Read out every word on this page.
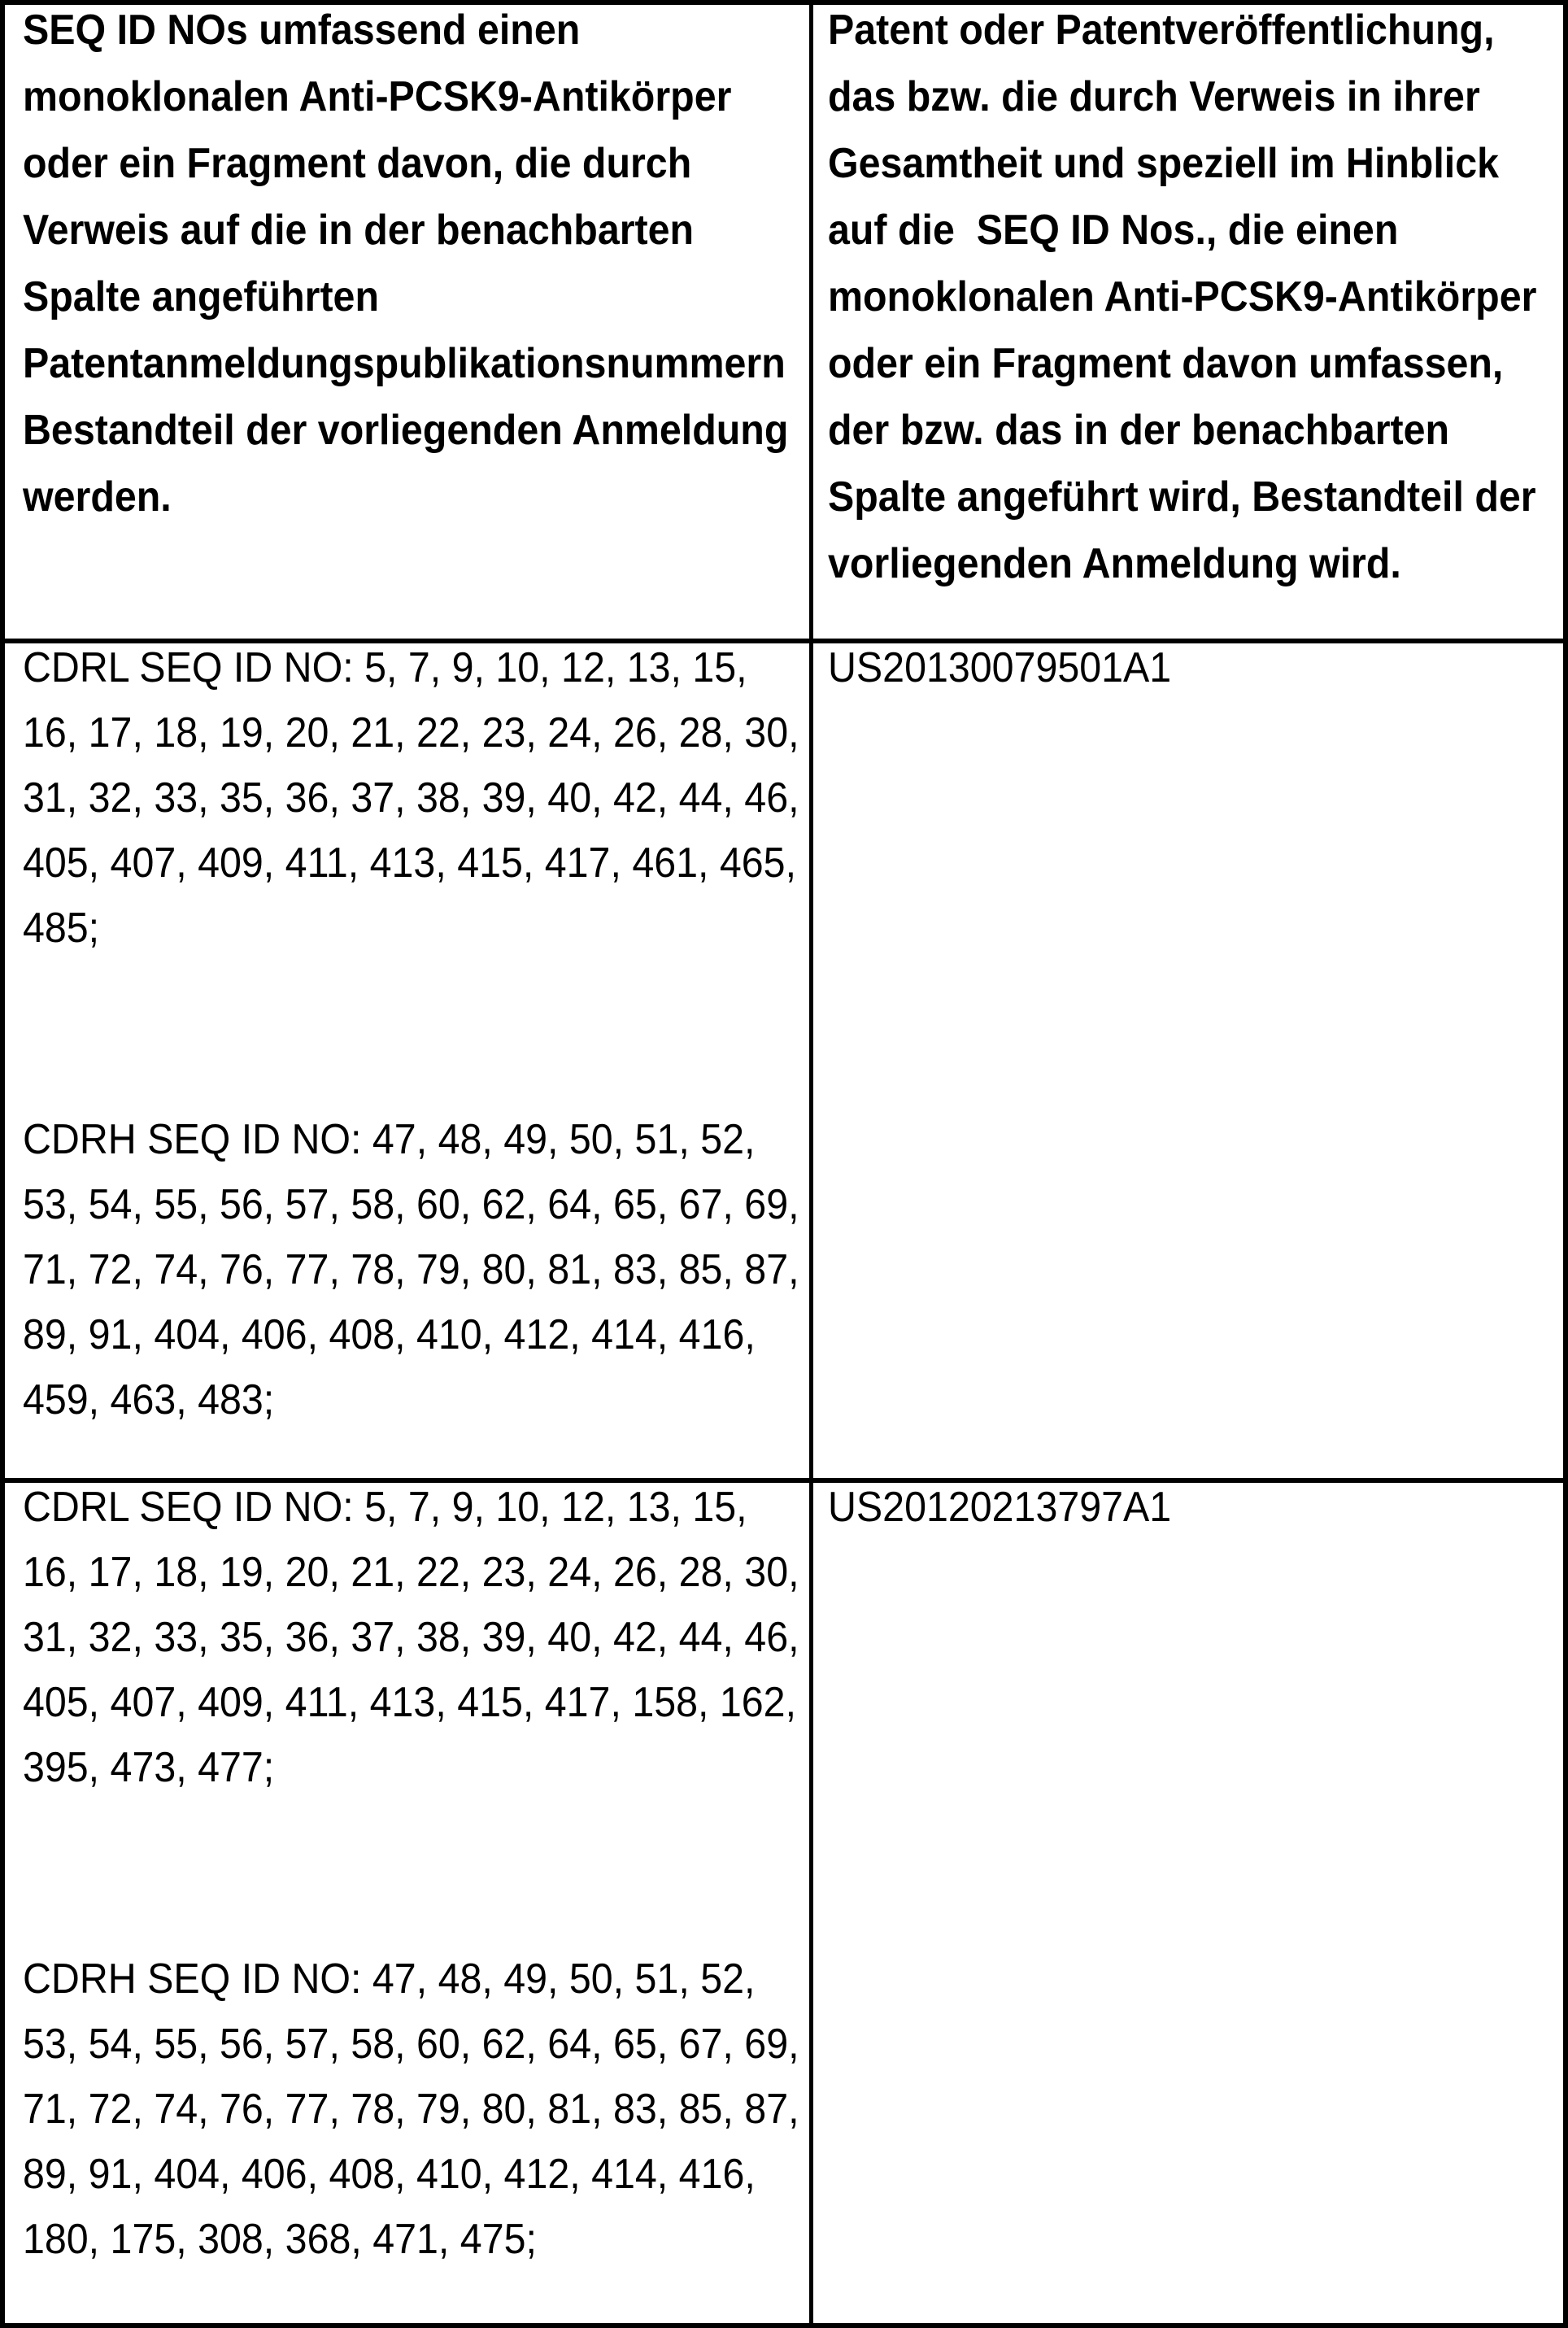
SEQ ID NOs umfassend einen
monoklonalen Anti-PCSK9-Antikörper
oder ein Fragment davon, die durch
Verweis auf die in der benachbarten
Spalte angeführten
Patentanmeldungspublikationsnummern
Bestandteil der vorliegenden Anmeldung
werden.

Patent oder Patentveröffentlichung,
das bzw. die durch Verweis in ihrer
Gesamtheit und speziell im Hinblick
auf die  SEQ ID Nos., die einen
monoklonalen Anti-PCSK9-Antikörper
oder ein Fragment davon umfassen,
der bzw. das in der benachbarten
Spalte angeführt wird, Bestandteil der
vorliegenden Anmeldung wird.

CDRL SEQ ID NO: 5, 7, 9, 10, 12, 13, 15,
16, 17, 18, 19, 20, 21, 22, 23, 24, 26, 28, 30,
31, 32, 33, 35, 36, 37, 38, 39, 40, 42, 44, 46,
405, 407, 409, 411, 413, 415, 417, 461, 465,
485;

CDRH SEQ ID NO: 47, 48, 49, 50, 51, 52,
53, 54, 55, 56, 57, 58, 60, 62, 64, 65, 67, 69,
71, 72, 74, 76, 77, 78, 79, 80, 81, 83, 85, 87,
89, 91, 404, 406, 408, 410, 412, 414, 416,
459, 463, 483;

US20130079501A1

CDRL SEQ ID NO: 5, 7, 9, 10, 12, 13, 15,
16, 17, 18, 19, 20, 21, 22, 23, 24, 26, 28, 30,
31, 32, 33, 35, 36, 37, 38, 39, 40, 42, 44, 46,
405, 407, 409, 411, 413, 415, 417, 158, 162,
395, 473, 477;

CDRH SEQ ID NO: 47, 48, 49, 50, 51, 52,
53, 54, 55, 56, 57, 58, 60, 62, 64, 65, 67, 69,
71, 72, 74, 76, 77, 78, 79, 80, 81, 83, 85, 87,
89, 91, 404, 406, 408, 410, 412, 414, 416,
180, 175, 308, 368, 471, 475;

US20120213797A1
